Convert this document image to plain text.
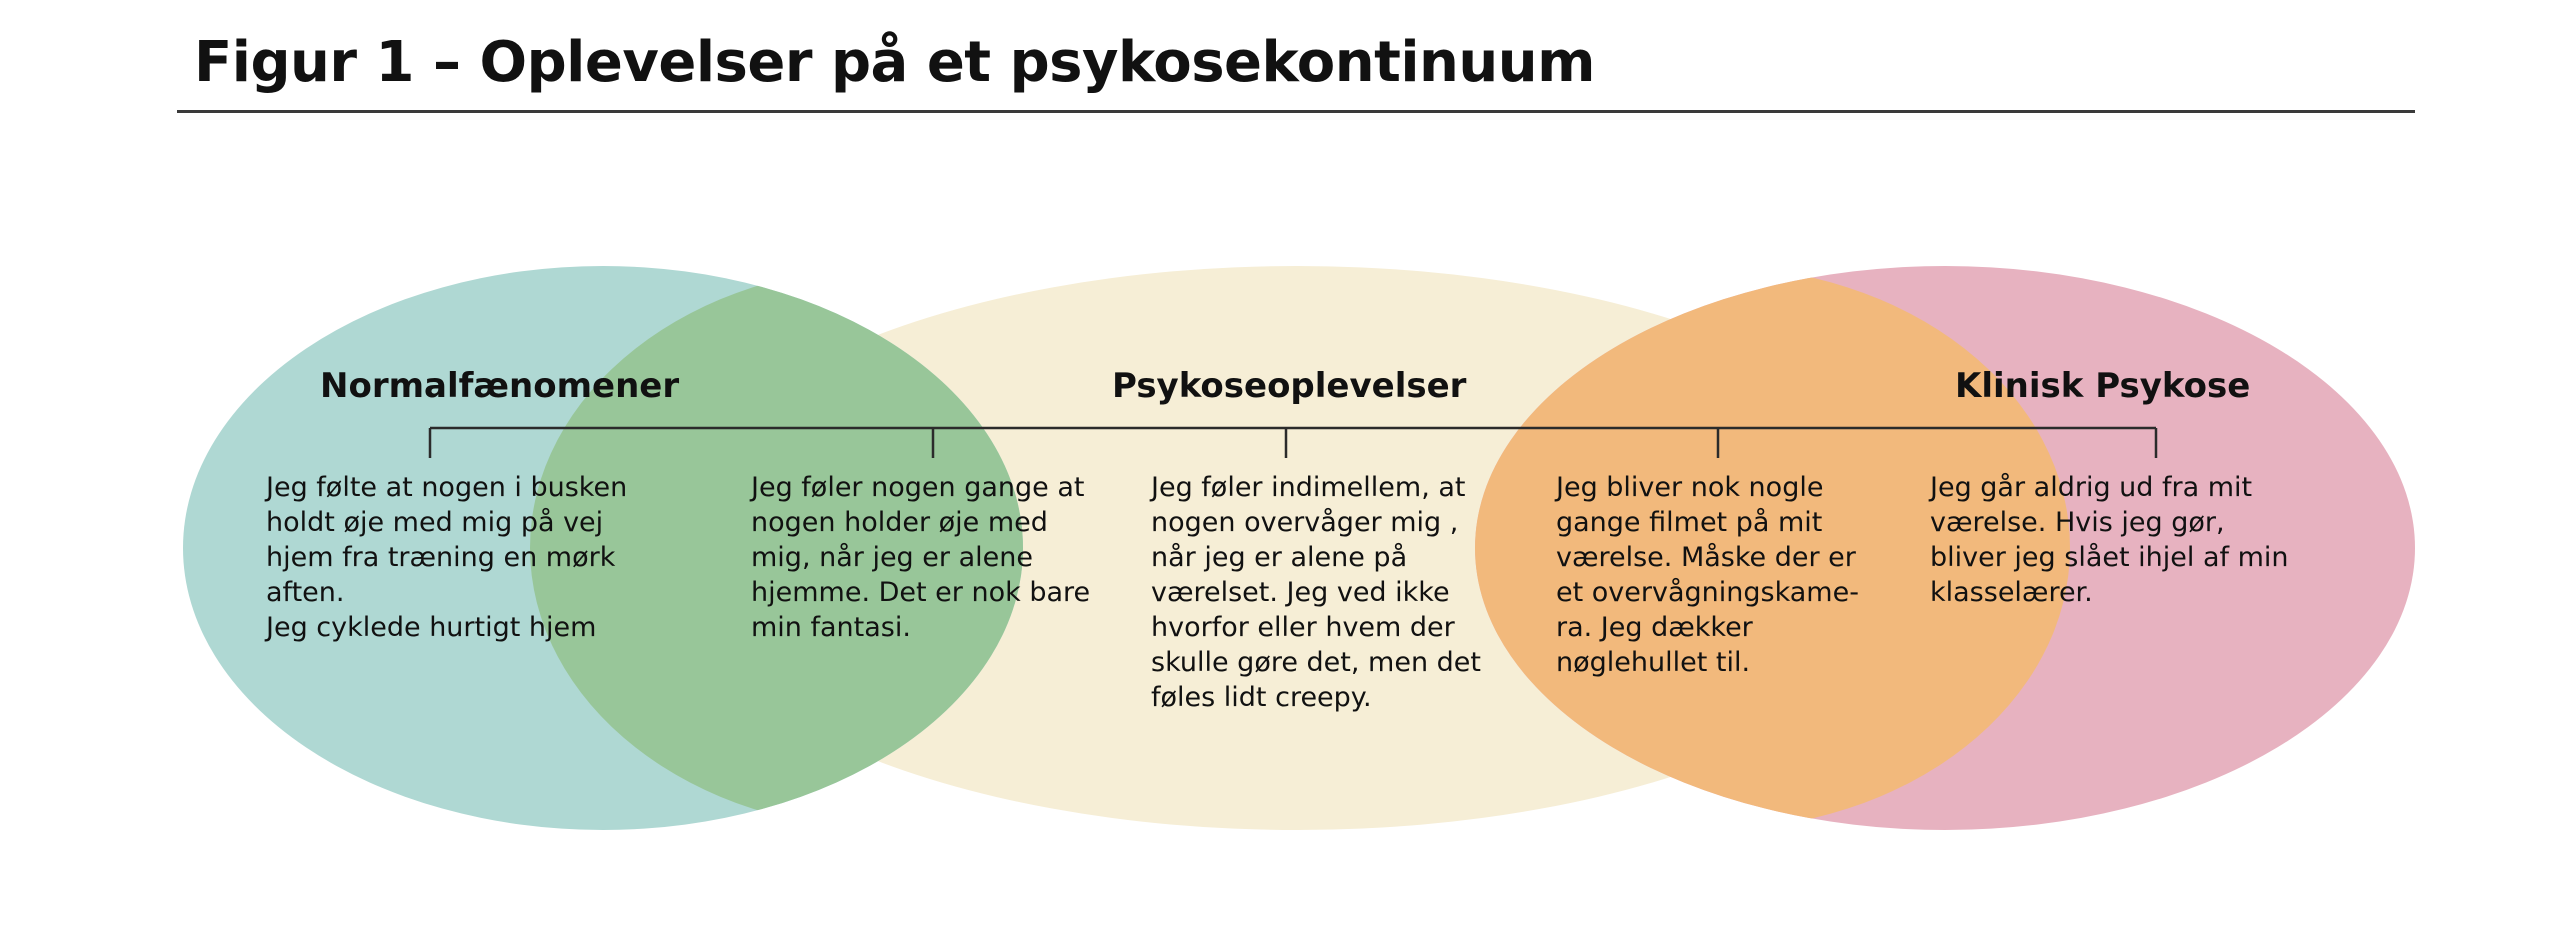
Figur 1 – Oplevelser på et psykosekontinuum
Normalfænomener	Psykoseoplevelser	Klinisk Psykose
Jeg følte at nogen i busken
holdt øje med mig på vej
hjem fra træning en mørk
aften.
Jeg cyklede hurtigt hjem
Jeg føler nogen gange at
nogen holder øje med
mig, når jeg er alene
hjemme. Det er nok bare
min fantasi.
Jeg føler indimellem, at
nogen overvåger mig ,
når jeg er alene på
værelset. Jeg ved ikke
hvorfor eller hvem der
skulle gøre det, men det
føles lidt creepy.
Jeg bliver nok nogle
gange filmet på mit
værelse. Måske der er
et overvågningskame-
ra. Jeg dækker
nøglehullet til.
Jeg går aldrig ud fra mit
værelse. Hvis jeg gør,
bliver jeg slået ihjel af min
klasselærer.
